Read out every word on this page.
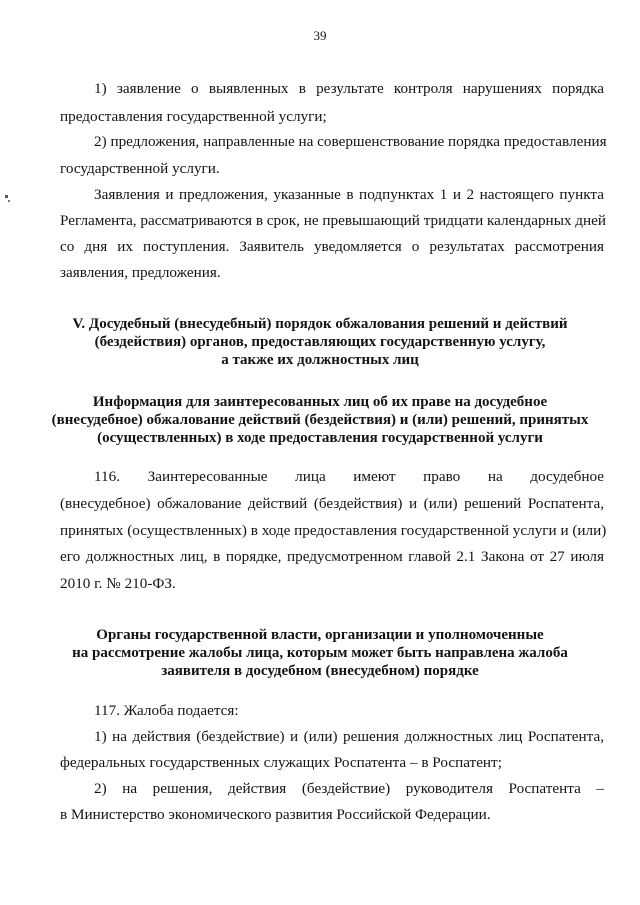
39
1) заявление о выявленных в результате контроля нарушениях порядка
предоставления государственной услуги;
2) предложения, направленные на совершенствование порядка предоставления
государственной услуги.
Заявления и предложения, указанные в подпунктах 1 и 2 настоящего пункта
Регламента, рассматриваются в срок, не превышающий тридцати календарных дней
со дня их поступления. Заявитель уведомляется о результатах рассмотрения
заявления, предложения.
V. Досудебный (внесудебный) порядок обжалования решений и действий
(бездействия) органов, предоставляющих государственную услугу,
а также их должностных лиц
Информация для заинтересованных лиц об их праве на досудебное
(внесудебное) обжалование действий (бездействия) и (или) решений, принятых
(осуществленных) в ходе предоставления государственной услуги
116. Заинтересованные лица имеют право на досудебное
(внесудебное) обжалование действий (бездействия) и (или) решений Роспатента,
принятых (осуществленных) в ходе предоставления государственной услуги и (или)
его должностных лиц, в порядке, предусмотренном главой 2.1 Закона от 27 июля
2010 г. № 210-ФЗ.
Органы государственной власти, организации и уполномоченные
на рассмотрение жалобы лица, которым может быть направлена жалоба
заявителя в досудебном (внесудебном) порядке
117. Жалоба подается:
1) на действия (бездействие) и (или) решения должностных лиц Роспатента,
федеральных государственных служащих Роспатента – в Роспатент;
2) на решения, действия (бездействие) руководителя Роспатента –
в Министерство экономического развития Российской Федерации.
